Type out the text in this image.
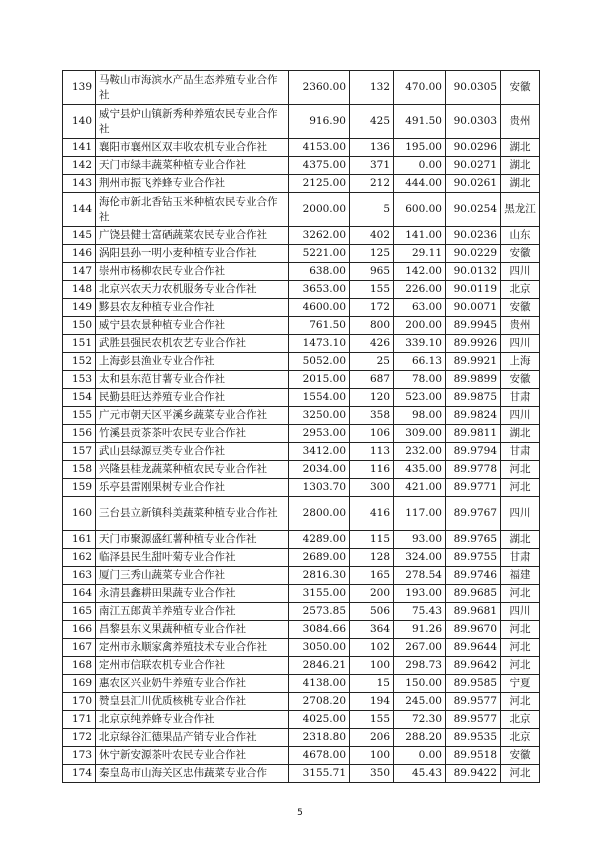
139	马鞍山市海滨水产品生态养殖专业合作社	2360.00	132	470.00	90.0305	安徽
140	威宁县炉山镇新秀种养殖农民专业合作社	916.90	425	491.50	90.0303	贵州
141	襄阳市襄州区双丰收农机专业合作社	4153.00	136	195.00	90.0296	湖北
142	天门市绿丰蔬菜种植专业合作社	4375.00	371	0.00	90.0271	湖北
143	荆州市振飞养蜂专业合作社	2125.00	212	444.00	90.0261	湖北
144	海伦市新北香钻玉米种植农民专业合作社	2000.00	5	600.00	90.0254	黑龙江
145	广饶县健士富硒蔬菜农民专业合作社	3262.00	402	141.00	90.0236	山东
146	涡阳县孙一明小麦种植专业合作社	5221.00	125	29.11	90.0229	安徽
147	崇州市杨柳农民专业合作社	638.00	965	142.00	90.0132	四川
148	北京兴农天力农机服务专业合作社	3653.00	155	226.00	90.0119	北京
149	黟县农友种植专业合作社	4600.00	172	63.00	90.0071	安徽
150	威宁县农景种植专业合作社	761.50	800	200.00	89.9945	贵州
151	武胜县强民农机农艺专业合作社	1473.10	426	339.10	89.9926	四川
152	上海彭县渔业专业合作社	5052.00	25	66.13	89.9921	上海
153	太和县东范甘薯专业合作社	2015.00	687	78.00	89.9899	安徽
154	民勤县旺达养殖专业合作社	1554.00	120	523.00	89.9875	甘肃
155	广元市朝天区平溪乡蔬菜专业合作社	3250.00	358	98.00	89.9824	四川
156	竹溪县贡茶茶叶农民专业合作社	2953.00	106	309.00	89.9811	湖北
157	武山县绿源豆类专业合作社	3412.00	113	232.00	89.9794	甘肃
158	兴隆县桂龙蔬菜种植农民专业合作社	2034.00	116	435.00	89.9778	河北
159	乐亭县雷刚果树专业合作社	1303.70	300	421.00	89.9771	河北
160	三台县立新镇科美蔬菜种植专业合作社	2800.00	416	117.00	89.9767	四川
161	天门市聚源盛红薯种植专业合作社	4289.00	115	93.00	89.9765	湖北
162	临泽县民生甜叶菊专业合作社	2689.00	128	324.00	89.9755	甘肃
163	厦门三秀山蔬菜专业合作社	2816.30	165	278.54	89.9746	福建
164	永清县鑫耕田果蔬专业合作社	3155.00	200	193.00	89.9685	河北
165	南江五郎黄羊养殖专业合作社	2573.85	506	75.43	89.9681	四川
166	昌黎县东义果蔬种植专业合作社	3084.66	364	91.26	89.9670	河北
167	定州市永顺家禽养殖技术专业合作社	3050.00	102	267.00	89.9644	河北
168	定州市信联农机专业合作社	2846.21	100	298.73	89.9642	河北
169	惠农区兴业奶牛养殖专业合作社	4138.00	15	150.00	89.9585	宁夏
170	赞皇县汇川优质核桃专业合作社	2708.20	194	245.00	89.9577	河北
171	北京京纯养蜂专业合作社	4025.00	155	72.30	89.9577	北京
172	北京绿谷汇德果品产销专业合作社	2318.80	206	288.20	89.9535	北京
173	休宁新安源茶叶农民专业合作社	4678.00	100	0.00	89.9518	安徽
174	秦皇岛市山海关区忠伟蔬菜专业合作	3155.71	350	45.43	89.9422	河北
5
